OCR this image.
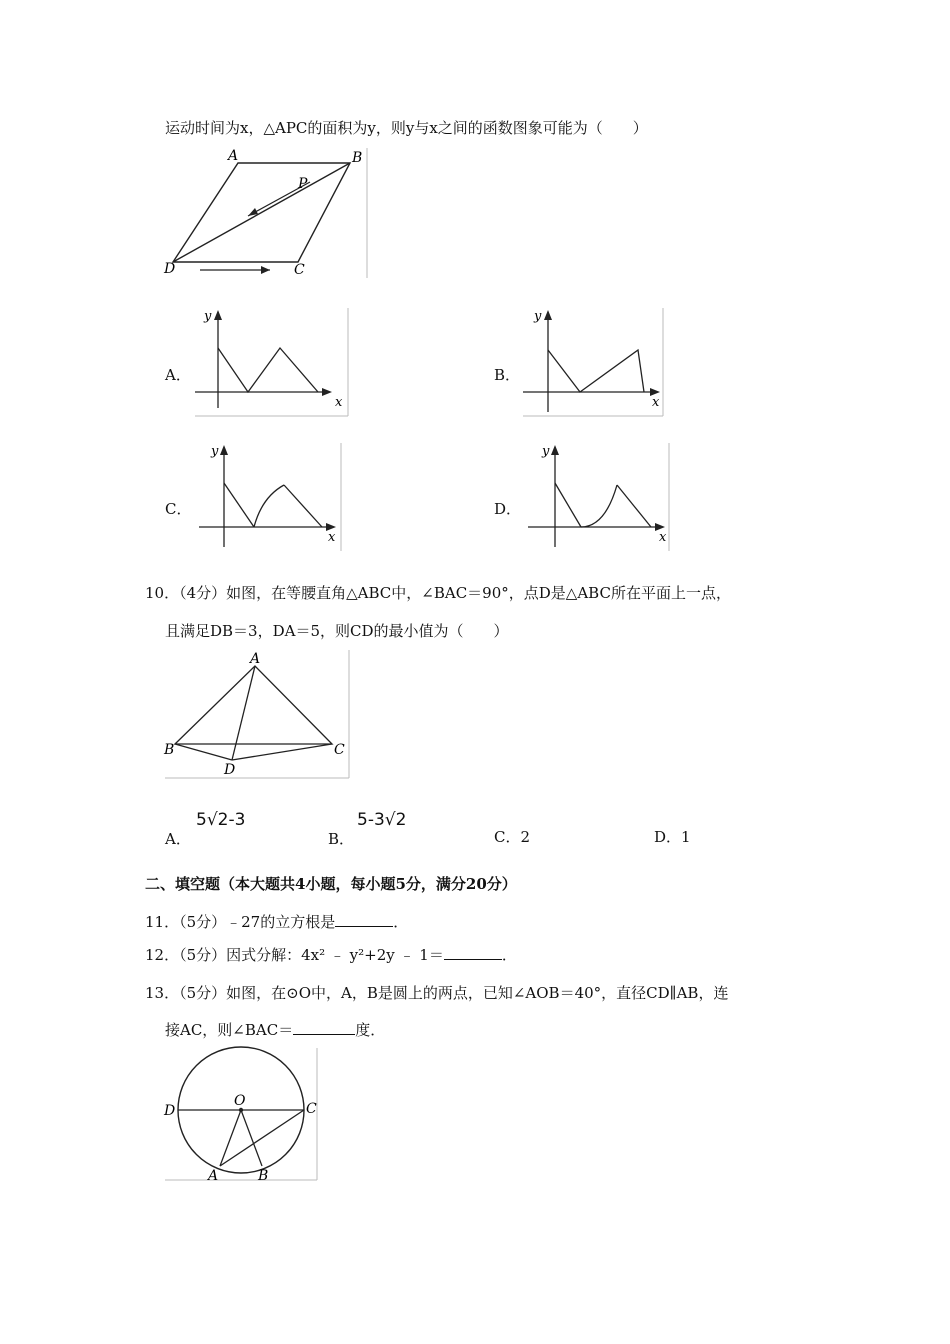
运动时间为x，△APC的面积为y，则y与x之间的函数图象可能为（　　）
A	B
P
D	C
A．
y
x
B．
y
x
C．
y
x
D．
y
x
10．（4分）如图，在等腰直角△ABC中，∠BAC＝90°，点D是△ABC所在平面上一点，
且满足DB＝3，DA＝5，则CD的最小值为（　　）
A
B	C
D
A．
5√2-3
B．
5-3√2
C．2	D．1
二、填空题（本大题共4小题，每小题5分，满分20分）
11．（5分）﹣27的立方根是	．
12．（5分）因式分解：4x² ﹣ y²+2y ﹣ 1＝	．
13．（5分）如图，在⊙O中，A，B是圆上的两点，已知∠AOB＝40°，直径CD∥AB，连
接AC，则∠BAC＝	度．
O
D	C
A	B
